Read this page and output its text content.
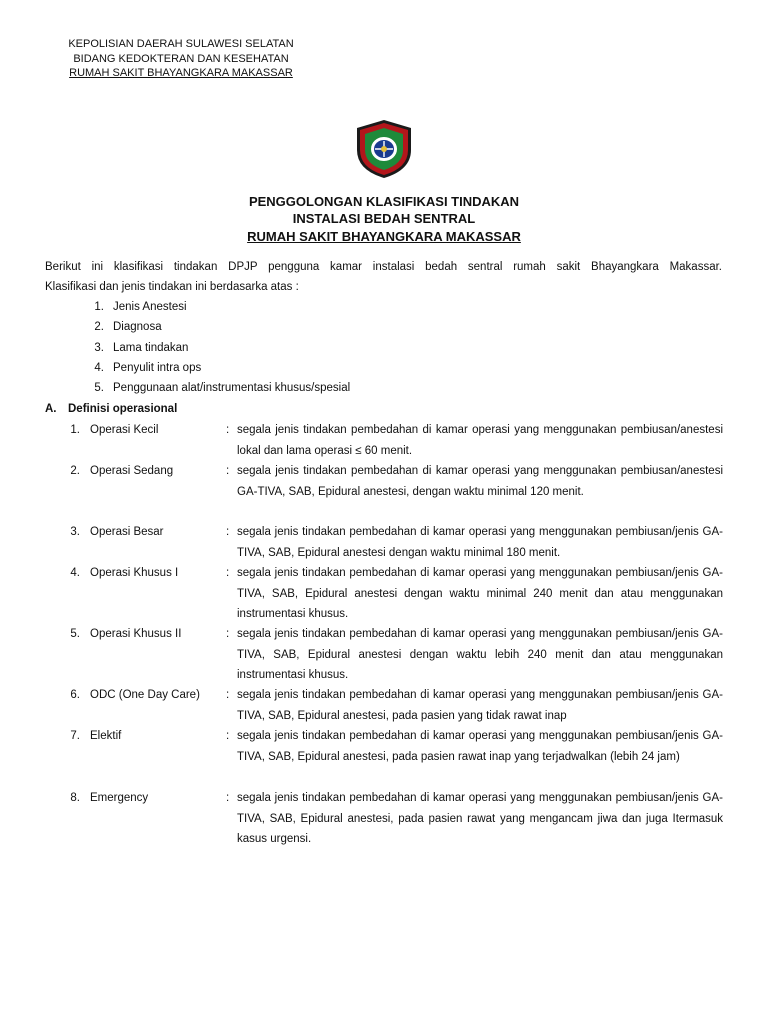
KEPOLISIAN DAERAH SULAWESI SELATAN
BIDANG KEDOKTERAN DAN KESEHATAN
RUMAH SAKIT BHAYANGKARA MAKASSAR
PENGGOLONGAN KLASIFIKASI TINDAKAN
INSTALASI BEDAH SENTRAL
RUMAH SAKIT BHAYANGKARA MAKASSAR
Berikut ini klasifikasi tindakan DPJP pengguna kamar instalasi bedah sentral rumah sakit Bhayangkara Makassar.
Klasifikasi dan jenis tindakan ini berdasarka atas :
1. Jenis Anestesi
2. Diagnosa
3. Lama tindakan
4. Penyulit intra ops
5. Penggunaan alat/instrumentasi khusus/spesial
A. Definisi operasional
1. Operasi Kecil	: segala jenis tindakan pembedahan di kamar operasi yang menggunakan pembiusan/anestesi lokal dan lama operasi ≤ 60 menit.
2. Operasi Sedang	: segala jenis tindakan pembedahan di kamar operasi yang menggunakan pembiusan/anestesi GA-TIVA, SAB, Epidural anestesi, dengan waktu minimal 120 menit.
3. Operasi Besar	: segala jenis tindakan pembedahan di kamar operasi yang menggunakan pembiusan/jenis GA-TIVA, SAB, Epidural anestesi dengan waktu minimal 180 menit.
4. Operasi Khusus I	: segala jenis tindakan pembedahan di kamar operasi yang menggunakan pembiusan/jenis GA-TIVA, SAB, Epidural anestesi dengan waktu minimal 240 menit dan atau menggunakan instrumentasi khusus.
5. Operasi Khusus II	: segala jenis tindakan pembedahan di kamar operasi yang menggunakan pembiusan/jenis GA-TIVA, SAB, Epidural anestesi dengan waktu lebih 240 menit dan atau menggunakan instrumentasi khusus.
6. ODC (One Day Care) : segala jenis tindakan pembedahan di kamar operasi yang menggunakan pembiusan/jenis GA-TIVA, SAB, Epidural anestesi, pada pasien yang tidak rawat inap
7. Elektif	: segala jenis tindakan pembedahan di kamar operasi yang menggunakan pembiusan/jenis GA-TIVA, SAB, Epidural anestesi, pada pasien rawat inap yang terjadwalkan (lebih 24 jam)
8. Emergency	: segala jenis tindakan pembedahan di kamar operasi yang menggunakan pembiusan/jenis GA-TIVA, SAB, Epidural anestesi, pada pasien rawat yang mengancam jiwa dan juga Itermasuk kasus urgensi.
